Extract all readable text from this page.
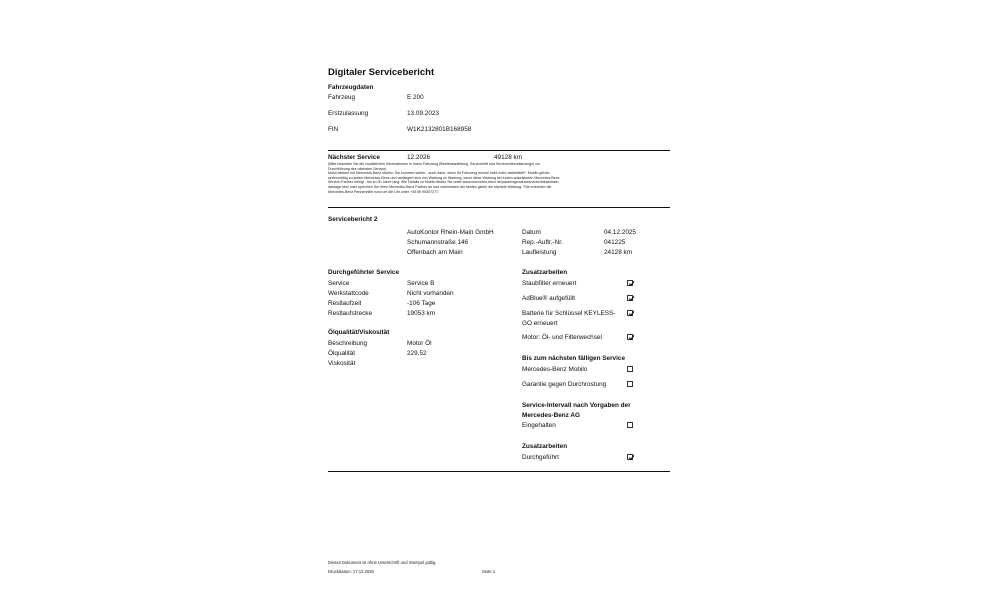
Digitaler Servicebericht
Fahrzeugdaten
Fahrzeug	E 200
Erstzulassung	13.09.2023
FIN	W1K2132801B168958
Nächster Service	12.2026	49128 km
(Bitte beachten Sie die zusätzlichen Informationen in Ihrem Fahrzeug (Betriebsanleitung, Serviceheft und Serviceintervallanzeige) zur
Durchführung des nächsten Service)
Mobil bleiben mit Mercedes-Benz Mobilo: Sie kommen weiter - auch dann, wenn Ihr Fahrzeug einmal nicht mehr weiterfährt*. Mobilo gehört
serienmäßig zu jedem Mercedes-Benz und verlängert sich von Wartung zu Wartung, wenn diese Wartung bei einem autorisierten Mercedes-Benz
Service-Partner erfolgt - bis zu 30 Jahre lang. Alle Details zu Mobilo finden Sie unter www.mercedes-benz.de/passengercars/services/breakdown-
damage.html oder sprechen Sie Ihren Mercedes-Benz Partner an und vereinbaren am besten gleich die nächste Wartung. *Sie erreichen die
Mercedes-Benz Pannenhilfe rund um die Uhr unter +49 69 95307277.
Servicebericht 2
AutoKontor Rhein-Main GmbH
Schumannstraße 146
Offenbach am Main
Datum	04.12.2025
Rep.-Auftr.-Nr.	041225
Laufleistung	24128 km
Durchgeführter Service
Service	Service B
Werkstattcode	Nicht vorhanden
Restlaufzeit	-106 Tage
Restlaufstrecke	19053 km
Ölqualität/Viskosität
Beschreibung	Motor Öl
Ölqualität	229.52
Viskosität
Zusatzarbeiten
Staubfilter erneuert
AdBlue® aufgefüllt
Batterie für Schlüssel KEYLESS-
GO erneuert
Motor: Öl- und Filterwechsel
Bis zum nächsten fälligen Service
Mercedes-Benz Mobilo
Garantie gegen Durchrostung
Service-Intervall nach Vorgaben der
Mercedes-Benz AG
Eingehalten
Zusatzarbeiten
Durchgeführt
Dieses Dokument ist ohne Unterschrift und Stempel gültig.
Druckdatum: 17.12.2025	Seite 1
